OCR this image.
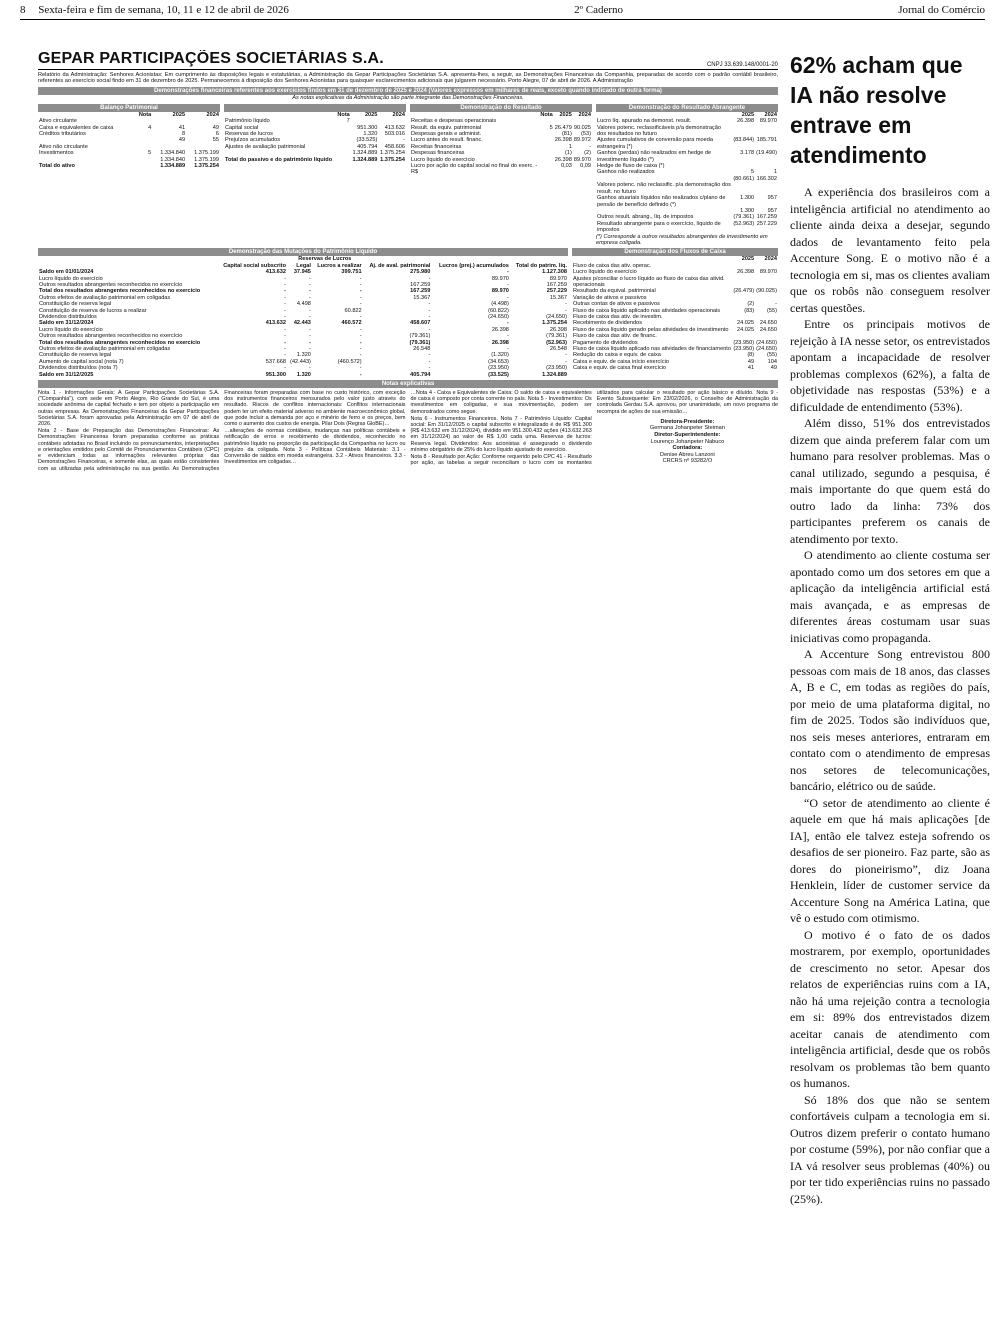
8 Sexta-feira e fim de semana, 10, 11 e 12 de abril de 2026	2º Caderno	Jornal do Comércio
GEPAR PARTICIPAÇÕES SOCIETÁRIAS S.A.	CNPJ 33.639.148/0001-20
Relatório da Administração: Senhores Acionistas: Em cumprimento às disposições legais e estatutárias, a Administração da Gepar Participações Societárias S.A. apresenta-lhes, a seguir, as Demonstrações Financeiras da Companhia, preparadas de acordo com o padrão contábil brasileiro, referentes ao exercício social findo em 31 de dezembro de 2025. Permanecemos à disposição dos Senhores Acionistas para quaisquer esclarecimentos adicionais que julgarem necessário. Porto Alegre, 07 de abril de 2026. A Administração
Demonstrações financeiras referentes aos exercícios findos em 31 de dezembro de 2025 e 2024 (Valores expressos em milhares de reais, exceto quando indicado de outra forma)
As notas explicativas da Administração são parte integrante das Demonstrações Financeiras.
Balanço Patrimonial
	Nota	2025	2024
Ativo circulante			
Caixa e equivalentes de caixa	4	41	49
Créditos tributários		8	6
		49	55
Ativo não circulante			
Investimentos	5	1.334.840	1.375.199
		1.334.840	1.375.199
Total do ativo		1.334.889	1.375.254

	Nota	2025	2024
Patrimônio líquido	7		
Capital social		951.300	413.632
Reservas de lucros		1.320	503.016
Prejuízos acumulados		(33.525)	-
Ajustes de avaliação patrimonial		405.794	458.606
		1.324.889	1.375.254
Total do passivo e do patrimônio líquido		1.324.889	1.375.254
Demonstração do Resultado
	Nota	2025	2024
Receitas e despesas operacionais			
Result. da equiv. patrimonial	5	26.479	90.025
Despesas gerais e administ.		(81)	(53)
Lucro antes do result. financ.		26.398	89.972
Receitas financeiras		1	-
Despesas financeiras		(1)	(2)
Lucro líquido do exercício		26.398	89.970
Lucro por ação do capital social no final do exerc. - R$		0,03	0,09
Demonstração do Resultado Abrangente
	2025	2024
Lucro líq. apurado na demonst. result.	26.398	89.970
Valores potenc. reclassificáveis p/a demonstração dos resultados no futuro		
Ajustes cumulativos de conversão para moeda estrangeira (*)	(83.844)	185.791
Ganhos (perdas) não realizados em hedge de investimento líquido (*)	3.178	(19.490)
Hedge de fluxo de caixa (*)		
Ganhos não realizados	5	1
	(80.661)	166.302
Valores potenc. não reclassific. p/a demonstração dos result. no futuro		
Ganhos atuariais líquidos não realizados c/plano de pensão de benefício definido (*)	1.300	957
	1.300	957
Outros result. abrang., líq. de impostos	(79.361)	167.259
Resultado abrangente para o exercício, líquido de impostos	(52.963)	257.229
(*) Corresponde a outros resultados abrangentes de investimento em empresa coligada.
Demonstração das Mutações do Patrimônio Líquido
		Reservas de Lucros				
	Capital social subscrito	Legal	Lucros a realizar	Aj. de aval. patrimonial	Lucros (prej.) acumulados	Total do patrim. líq.
Saldo em 01/01/2024	413.632	37.945	399.751	275.980	-	1.127.308
Lucro líquido do exercício	-	-	-	-	89.970	89.970
Outros resultados abrangentes reconhecidos no exercício	-	-	-	167.259	-	167.259
Total dos resultados abrangentes reconhecidos no exercício	-	-	-	167.259	89.970	257.229
Outros efeitos de avaliação patrimonial em coligadas	-	-	-	15.367	-	15.367
Constituição de reserva legal	-	4.498	-	-	(4.498)	-
Constituição de reserva de lucros a realizar	-	-	60.822	-	(60.822)	-
Dividendos distribuídos	-	-	-	-	(24.650)	(24.650)
Saldo em 31/12/2024	413.632	42.443	460.572	458.607	-	1.375.254
Lucro líquido do exercício	-	-	-	-	26.398	26.398
Outros resultados abrangentes reconhecidos no exercício	-	-	-	(79.361)	-	(79.361)
Total dos resultados abrangentes reconhecidos no exercício	-	-	-	(79.361)	26.398	(52.963)
Outros efeitos de avaliação patrimonial em coligadas	-	-	-	26.548	-	26.548
Constituição de reserva legal	-	1.320	-	-	(1.320)	-
Aumento de capital social (nota 7)	537.668	(42.443)	(460.572)	-	(34.653)	-
Dividendos distribuídos (nota 7)	-	-	-	-	(23.950)	(23.950)
Saldo em 31/12/2025	951.300	1.320	-	405.794	(33.525)	1.324.889
Demonstração dos Fluxos de Caixa
	2025	2024
Fluxo de caixa das ativ. operac.		
Lucro líquido do exercício	26.398	89.970
Ajustes p/conciliar o lucro líquido ao fluxo de caixa das ativid. operacionais		
Resultado da equival. patrimonial	(26.479)	(90.025)
Variação de ativos e passivos		
Outras contas de ativos e passivos	(2)	-
Fluxo de caixa líquido aplicado nas atividades operacionais	(83)	(55)
Fluxo de caixa das ativ. de investim.		
Recebimento de dividendos	24.025	24.650
Fluxo de caixa líquido gerado pelas atividades de investimento	24.025	24.650
Fluxo de caixa das ativ. de financ.		
Pagamento de dividendos	(23.950)	(24.650)
Fluxo de caixa líquido aplicado nas atividades de financiamento	(23.950)	(24.650)
Redução do caixa e equiv. de caixa	(8)	(55)
Caixa e equiv. de caixa início exercício	49	104
Caixa e equiv. de caixa final exercício	41	49
Notas explicativas

Nota 1 - Informações Gerais: A Gepar Participações Societárias S.A. ("Companhia"), com sede em Porto Alegre, Rio Grande do Sul, é uma sociedade anônima de capital fechado e tem por objeto a participação em outras empresas. As Demonstrações Financeiras da Gepar Participações Societárias S.A. foram aprovadas pela Administração em 07 de abril de 2026.

Nota 2 - Base de Preparação das Demonstrações Financeiras: As Demonstrações Financeiras foram preparadas conforme as práticas contábeis adotadas no Brasil incluindo os pronunciamentos, interpretações e orientações emitidos pelo Comitê de Pronunciamentos Contábeis (CPC) e evidenciam todas as informações relevantes próprias das Demonstrações Financeiras, e somente elas, as quais estão consistentes com as utilizadas pela administração na sua gestão. As Demonstrações Financeiras foram preparadas com base no custo histórico, com exceção dos instrumentos financeiros mensurados pelo valor justo através do resultado. Riscos de conflitos internacionais: Conflitos internacionais podem ter um efeito material adverso no ambiente macroeconômico global, que pode incluir a demanda por aço e minério de ferro e os preços, bem como o aumento dos custos de energia. Pilar Dois (Regras GloBE)…

…alterações de normas contábeis, mudanças nas políticas contábeis e retificação de erros e recebimento de dividendos, reconhecido no patrimônio líquido na proporção da participação da Companhia no lucro ou prejuízo da coligada. Nota 3 - Políticas Contábeis Materiais: 3.1 - Conversão de saldos em moeda estrangeira. 3.2 - Ativos financeiros. 3.3 - Investimentos em coligadas…

…Nota 4 - Caixa e Equivalentes de Caixa: O saldo de caixa e equivalentes de caixa é composto por conta corrente no país. Nota 5 - Investimentos: Os investimentos em coligadas, e sua movimentação, podem ser demonstrados como segue.

Nota 6 - Instrumentos Financeiros. Nota 7 - Patrimônio Líquido: Capital social: Em 31/12/2025 o capital subscrito e integralizado é de R$ 951.300 (R$ 413.632 em 31/12/2024), dividido em 951.300.432 ações (413.632.263 em 31/12/2024) ao valor de R$ 1,00 cada uma. Reservas de lucros: Reserva legal. Dividendos: Aos acionistas é assegurado o dividendo mínimo obrigatório de 25% do lucro líquido ajustado do exercício.

Nota 8 - Resultado por Ação: Conforme requerido pelo CPC 41 - Resultado por ação, as tabelas a seguir reconciliam o lucro com os montantes utilizados para calcular o resultado por ação básico e diluído. Nota 9 - Evento Subsequente: Em 23/02/2026, o Conselho de Administração da controlada Gerdau S.A. aprovou, por unanimidade, um novo programa de recompra de ações de sua emissão…

Diretora-Presidente:
Germana Johanpeter Steiman
Diretor-Superintendente:
Lourenço Johanpeter Nabuco
Contadora:
Denise Abreu Lanzoni
CRCRS nº 93282/O
62% acham que IA não resolve entrave em atendimento

A experiência dos brasileiros com a inteligência artificial no atendimento ao cliente ainda deixa a desejar, segundo dados de levantamento feito pela Accenture Song. E o motivo não é a tecnologia em si, mas os clientes avaliam que os robôs não conseguem resolver certas questões.

Entre os principais motivos de rejeição à IA nesse setor, os entrevistados apontam a incapacidade de resolver problemas complexos (62%), a falta de objetividade nas respostas (53%) e a dificuldade de entendimento (53%).

Além disso, 51% dos entrevistados dizem que ainda preferem falar com um humano para resolver problemas. Mas o canal utilizado, segundo a pesquisa, é mais importante do que quem está do outro lado da linha: 73% dos participantes preferem os canais de atendimento por texto.

O atendimento ao cliente costuma ser apontado como um dos setores em que a aplicação da inteligência artificial está mais avançada, e as empresas de diferentes áreas costumam usar suas iniciativas como propaganda.

A Accenture Song entrevistou 800 pessoas com mais de 18 anos, das classes A, B e C, em todas as regiões do país, por meio de uma plataforma digital, no fim de 2025. Todos são indivíduos que, nos seis meses anteriores, entraram em contato com o atendimento de empresas nos setores de telecomunicações, bancário, elétrico ou de saúde.

“O setor de atendimento ao cliente é aquele em que há mais aplicações [de IA], então ele talvez esteja sofrendo os desafios de ser pioneiro. Faz parte, são as dores do pioneirismo”, diz Joana Henklein, líder de customer service da Accenture Song na América Latina, que vê o estudo com otimismo.

O motivo é o fato de os dados mostrarem, por exemplo, oportunidades de crescimento no setor. Apesar dos relatos de experiências ruins com a IA, não há uma rejeição contra a tecnologia em si: 89% dos entrevistados dizem aceitar canais de atendimento com inteligência artificial, desde que os robôs resolvam os problemas tão bem quanto os humanos.

Só 18% dos que não se sentem confortáveis culpam a tecnologia em si. Outros dizem preferir o contato humano por costume (59%), por não confiar que a IA vá resolver seus problemas (40%) ou por ter tido experiências ruins no passado (25%).
